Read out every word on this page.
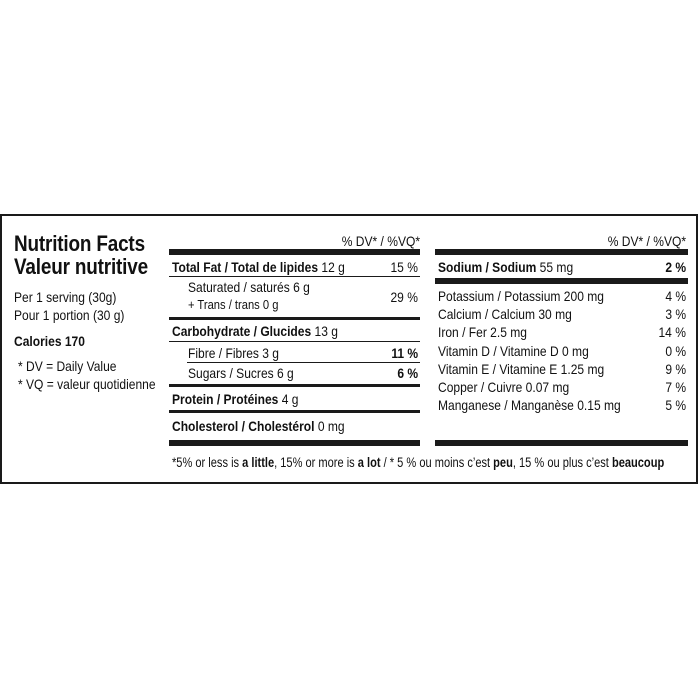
Nutrition Facts
Valeur nutritive
Per 1 serving (30g)
Pour 1 portion (30 g)
Calories 170
* DV = Daily Value
* VQ = valeur quotidienne
% DV* / %VQ*
Total Fat / Total de lipides 12 g	15 %
Saturated / saturés 6 g
+ Trans / trans 0 g	29 %
Carbohydrate / Glucides 13 g
Fibre / Fibres 3 g	11 %
Sugars / Sucres 6 g	6 %
Protein / Protéines 4 g
Cholesterol / Cholestérol 0 mg
% DV* / %VQ*
Sodium / Sodium 55 mg	2 %
Potassium / Potassium 200 mg	4 %
Calcium / Calcium 30 mg	3 %
Iron / Fer 2.5 mg	14 %
Vitamin D / Vitamine D 0 mg	0 %
Vitamin E / Vitamine E 1.25 mg	9 %
Copper / Cuivre 0.07 mg	7 %
Manganese / Manganèse 0.15 mg	5 %
*5% or less is a little, 15% or more is a lot / * 5 % ou moins c’est peu, 15 % ou plus c’est beaucoup
